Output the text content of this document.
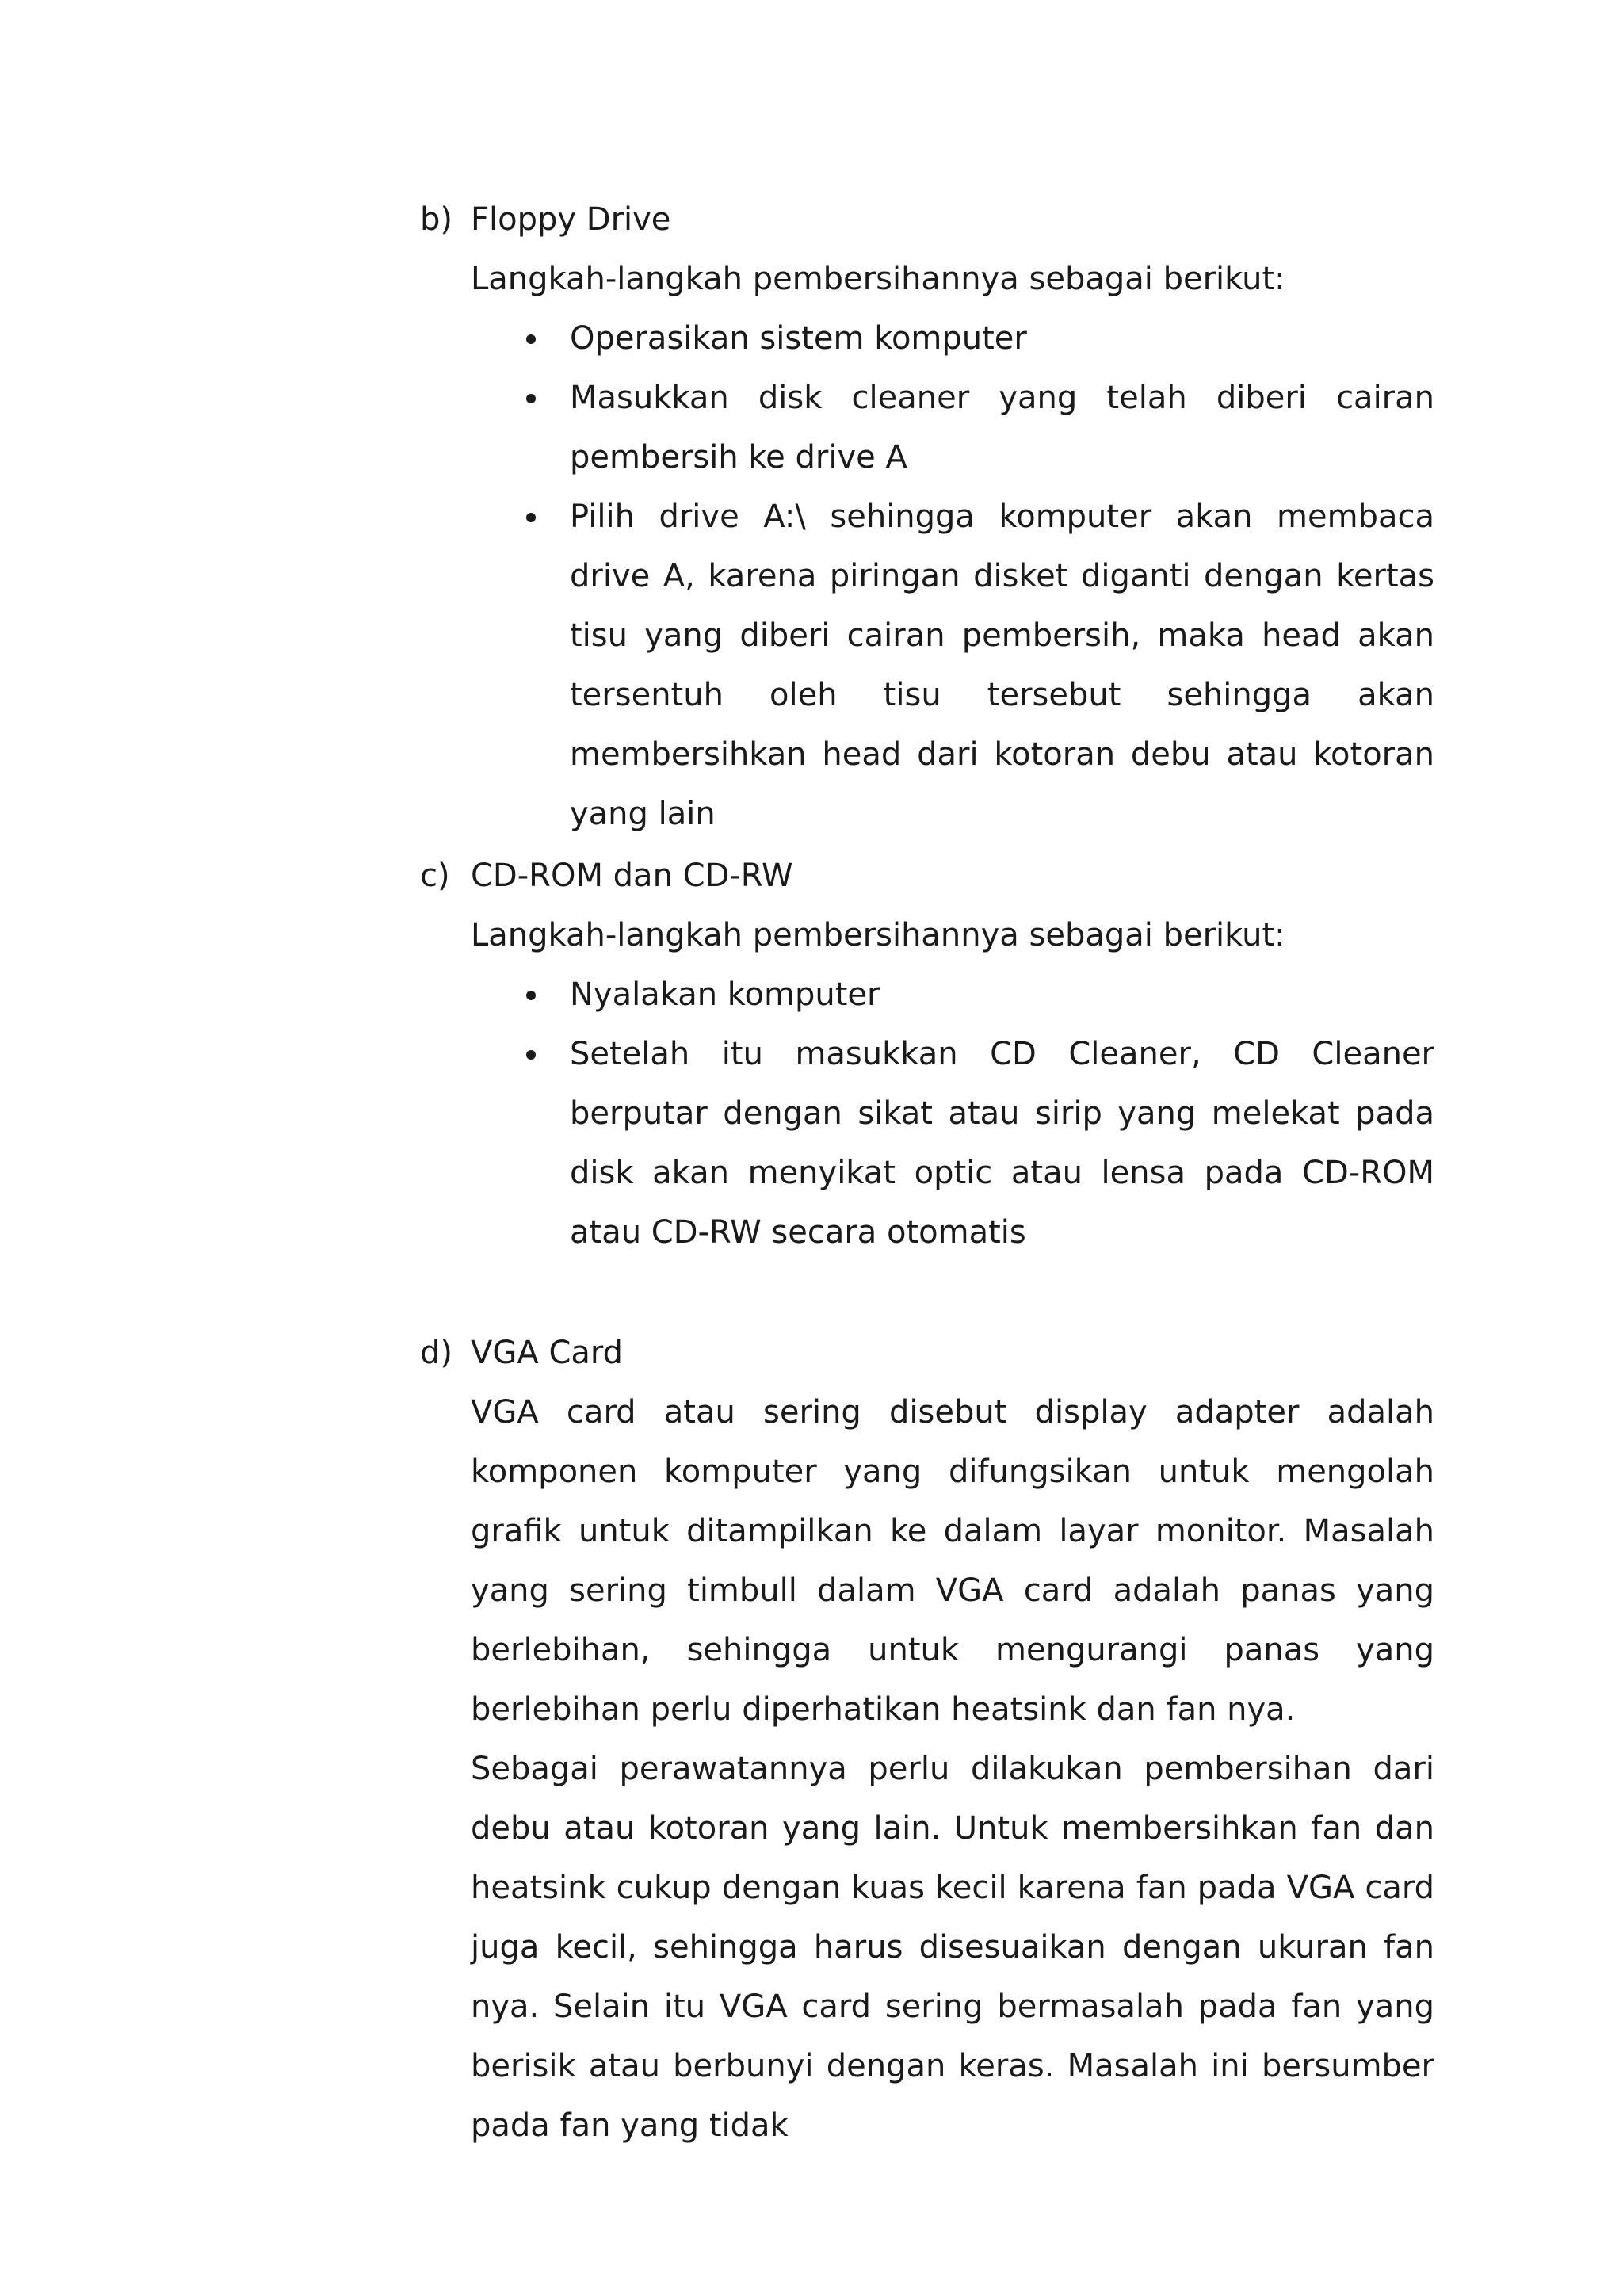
b) Floppy Drive
Langkah-langkah pembersihannya sebagai berikut:
Operasikan sistem komputer
Masukkan disk cleaner yang telah diberi cairan pembersih ke drive A
Pilih drive A:\ sehingga komputer akan membaca drive A, karena piringan disket diganti dengan kertas tisu yang diberi cairan pembersih, maka head akan tersentuh oleh tisu tersebut sehingga akan membersihkan head dari kotoran debu atau kotoran yang lain
c) CD-ROM dan CD-RW
Langkah-langkah pembersihannya sebagai berikut:
Nyalakan komputer
Setelah itu masukkan CD Cleaner, CD Cleaner berputar dengan sikat atau sirip yang melekat pada disk akan menyikat optic atau lensa pada CD-ROM atau CD-RW secara otomatis
d) VGA Card
VGA card atau sering disebut display adapter adalah komponen komputer yang difungsikan untuk mengolah grafik untuk ditampilkan ke dalam layar monitor. Masalah yang sering timbull dalam VGA card adalah panas yang berlebihan, sehingga untuk mengurangi panas yang berlebihan perlu diperhatikan heatsink dan fan nya.
Sebagai perawatannya perlu dilakukan pembersihan dari debu atau kotoran yang lain. Untuk membersihkan fan dan heatsink cukup dengan kuas kecil karena fan pada VGA card juga kecil, sehingga harus disesuaikan dengan ukuran fan nya. Selain itu VGA card sering bermasalah pada fan yang berisik atau berbunyi dengan keras. Masalah ini bersumber pada fan yang tidak
